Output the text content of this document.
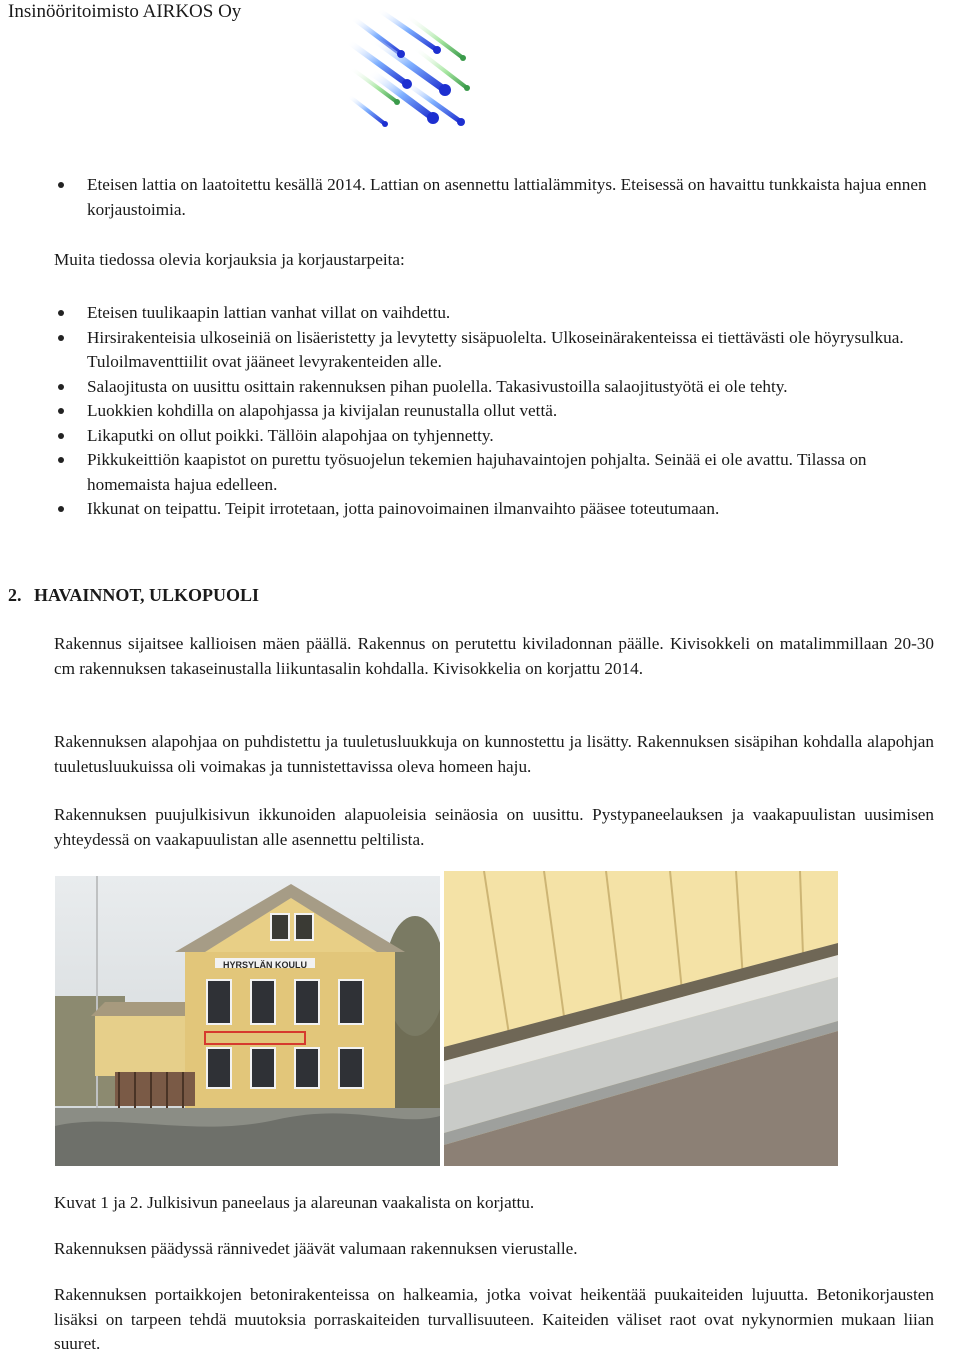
Insinööritoimisto AIRKOS Oy
Eteisen lattia on laatoitettu kesällä 2014. Lattian on asennettu lattialämmitys. Eteisessä on havaittu tunkkaista hajua ennen korjaustoimia.

Muita tiedossa olevia korjauksia ja korjaustarpeita:

Eteisen tuulikaapin lattian vanhat villat on vaihdettu.
Hirsirakenteisia ulkoseiniä on lisäeristetty ja levytetty sisäpuolelta. Ulkoseinärakenteissa ei tiettävästi ole höyrysulkua. Tuloilmaventtiilit ovat jääneet levyrakenteiden alle.
Salaojitusta on uusittu osittain rakennuksen pihan puolella. Takasivustoilla salaojitustyötä ei ole tehty.
Luokkien kohdilla on alapohjassa ja kivijalan reunustalla ollut vettä.
Likaputki on ollut poikki. Tällöin alapohjaa on tyhjennetty.
Pikkukeittiön kaapistot on purettu työsuojelun tekemien hajuhavaintojen pohjalta. Seinää ei ole avattu. Tilassa on homemaista hajua edelleen.
Ikkunat on teipattu. Teipit irrotetaan, jotta painovoimainen ilmanvaihto pääsee toteutumaan.
2. HAVAINNOT, ULKOPUOLI

Rakennus sijaitsee kallioisen mäen päällä. Rakennus on perutettu kiviladonnan päälle. Kivisokkeli on matalimmillaan 20-30 cm rakennuksen takaseinustalla liikuntasalin kohdalla. Kivisokkelia on korjattu 2014.

Rakennuksen alapohjaa on puhdistettu ja tuuletusluukkuja on kunnostettu ja lisätty. Rakennuksen sisäpihan kohdalla alapohjan tuuletusluukuissa oli voimakas ja tunnistettavissa oleva homeen haju.

Rakennuksen puujulkisivun ikkunoiden alapuoleisia seinäosia on uusittu. Pystypaneelauksen ja vaakapuulistan uusimisen yhteydessä on vaakapuulistan alle asennettu peltilista.

HYRSYLÄN KOULU

Kuvat 1 ja 2. Julkisivun paneelaus ja alareunan vaakalista on korjattu.

Rakennuksen päädyssä rännivedet jäävät valumaan rakennuksen vierustalle.

Rakennuksen portaikkojen betonirakenteissa on halkeamia, jotka voivat heikentää puukaiteiden lujuutta. Betonikorjausten lisäksi on tarpeen tehdä muutoksia porraskaiteiden turvallisuuteen. Kaiteiden väliset raot ovat nykynormien mukaan liian suuret.
